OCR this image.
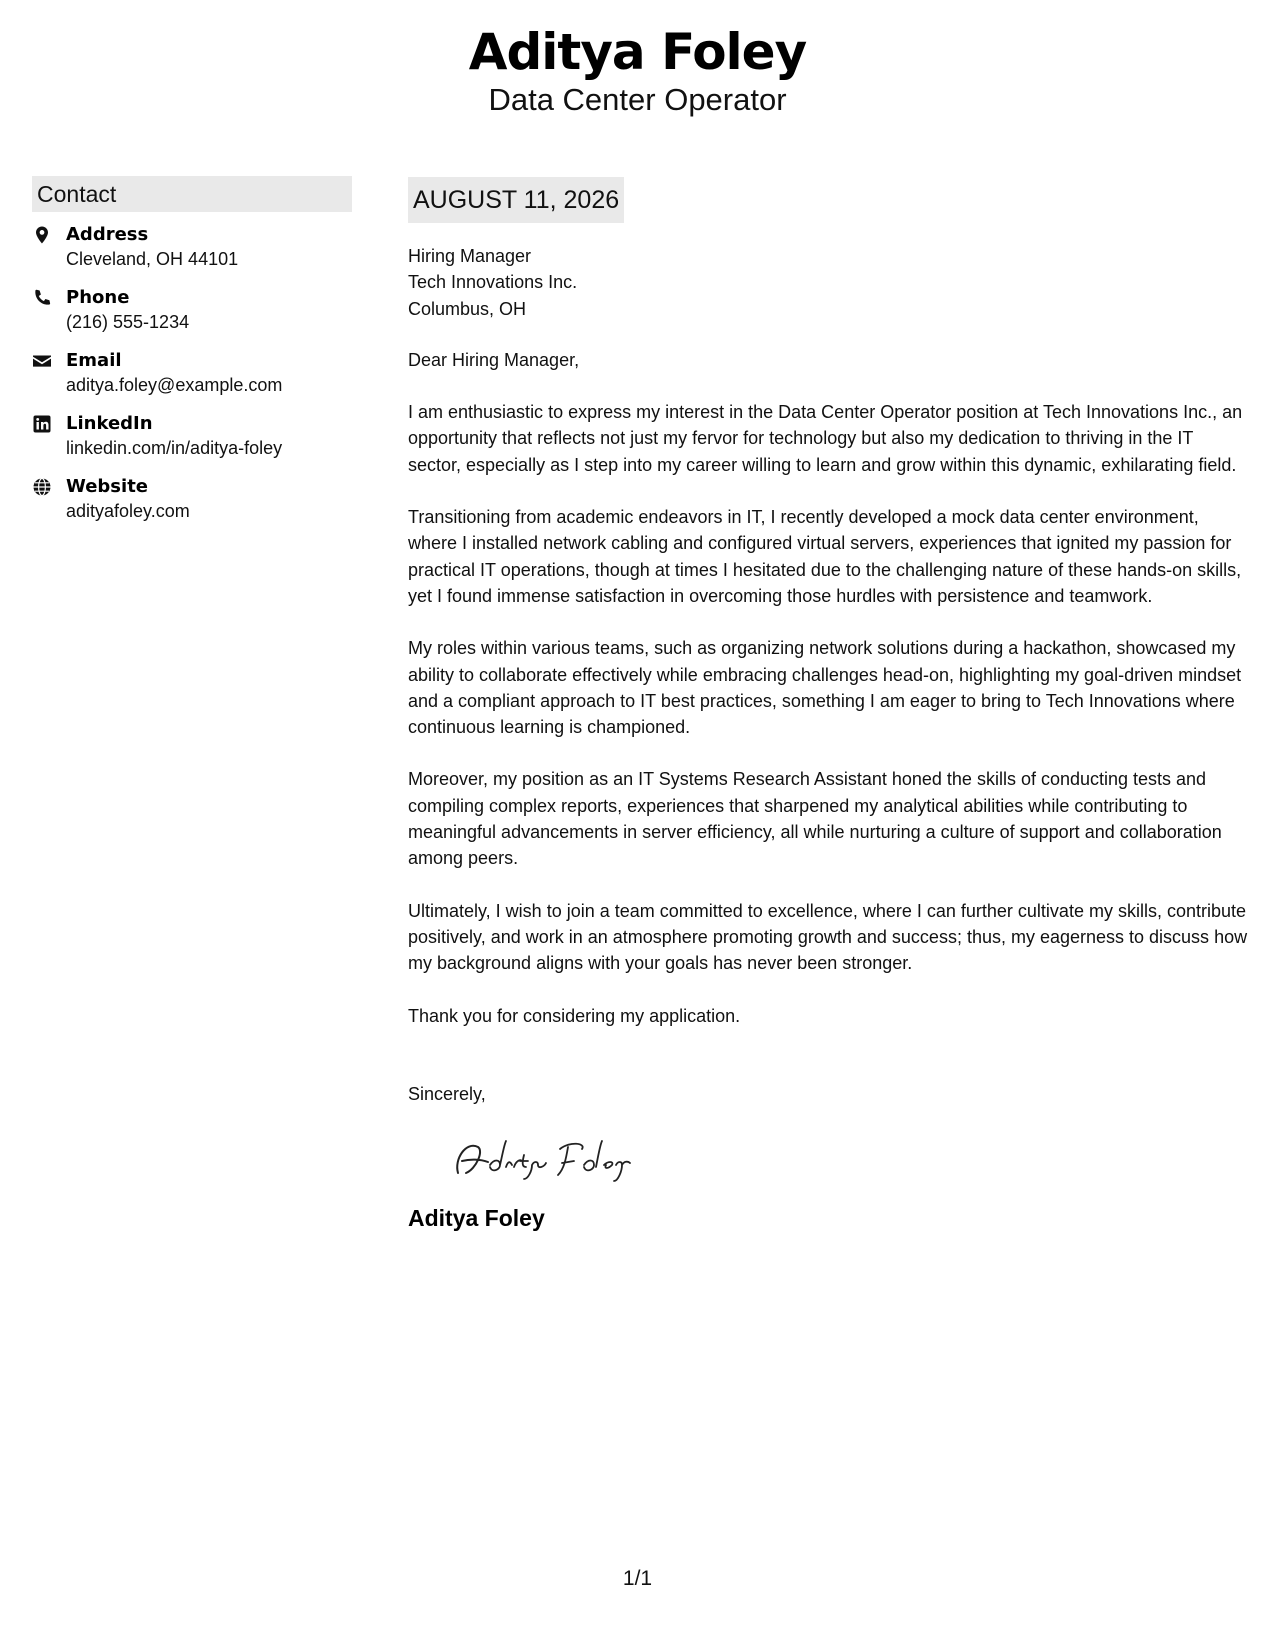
Aditya Foley
Data Center Operator
Contact
Address
Cleveland, OH 44101
Phone
(216) 555-1234
Email
aditya.foley@example.com
LinkedIn
linkedin.com/in/aditya-foley
Website
adityafoley.com
AUGUST 11, 2026
Hiring Manager
Tech Innovations Inc.
Columbus, OH
Dear Hiring Manager,
I am enthusiastic to express my interest in the Data Center Operator position at Tech Innovations Inc., an opportunity that reflects not just my fervor for technology but also my dedication to thriving in the IT sector, especially as I step into my career willing to learn and grow within this dynamic, exhilarating field.
Transitioning from academic endeavors in IT, I recently developed a mock data center environment, where I installed network cabling and configured virtual servers, experiences that ignited my passion for practical IT operations, though at times I hesitated due to the challenging nature of these hands-on skills, yet I found immense satisfaction in overcoming those hurdles with persistence and teamwork.
My roles within various teams, such as organizing network solutions during a hackathon, showcased my ability to collaborate effectively while embracing challenges head-on, highlighting my goal-driven mindset and a compliant approach to IT best practices, something I am eager to bring to Tech Innovations where continuous learning is championed.
Moreover, my position as an IT Systems Research Assistant honed the skills of conducting tests and compiling complex reports, experiences that sharpened my analytical abilities while contributing to meaningful advancements in server efficiency, all while nurturing a culture of support and collaboration among peers.
Ultimately, I wish to join a team committed to excellence, where I can further cultivate my skills, contribute positively, and work in an atmosphere promoting growth and success; thus, my eagerness to discuss how my background aligns with your goals has never been stronger.
Thank you for considering my application.
Sincerely,
Aditya Foley
1/1
